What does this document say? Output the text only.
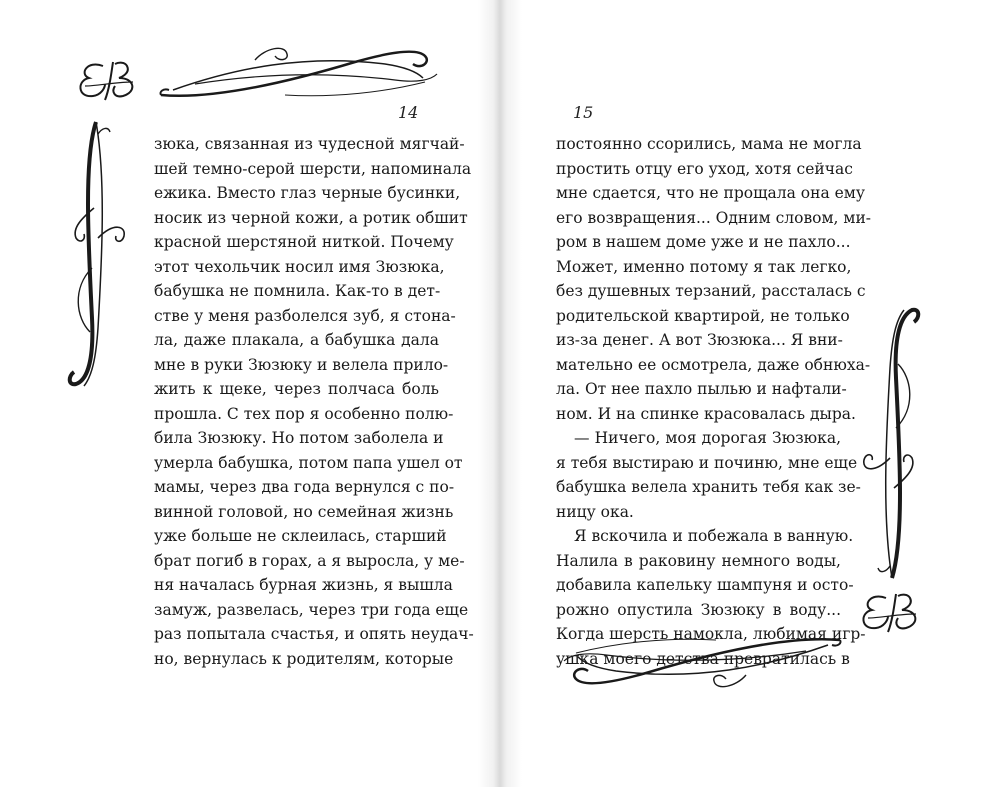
14	15
зюка, связанная из чудесной мягчай-
шей темно-серой шерсти, напоминала
ежика. Вместо глаз черные бусинки,
носик из черной кожи, а ротик обшит
красной шерстяной ниткой. Почему
этот чехольчик носил имя Зюзюка,
бабушка не помнила. Как-то в дет-
стве у меня разболелся зуб, я стона-
ла, даже плакала, а бабушка дала
мне в руки Зюзюку и велела прило-
жить к щеке, через полчаса боль
прошла. С тех пор я особенно полю-
била Зюзюку. Но потом заболела и
умерла бабушка, потом папа ушел от
мамы, через два года вернулся с по-
винной головой, но семейная жизнь
уже больше не склеилась, старший
брат погиб в горах, а я выросла, у ме-
ня началась бурная жизнь, я вышла
замуж, развелась, через три года еще
раз попытала счастья, и опять неудач-
но, вернулась к родителям, которые
постоянно ссорились, мама не могла
простить отцу его уход, хотя сейчас
мне сдается, что не прощала она ему
его возвращения... Одним словом, ми-
ром в нашем доме уже и не пахло...
Может, именно потому я так легко,
без душевных терзаний, рассталась с
родительской квартирой, не только
из-за денег. А вот Зюзюка... Я вни-
мательно ее осмотрела, даже обнюха-
ла. От нее пахло пылью и нафтали-
ном. И на спинке красовалась дыра.
— Ничего, моя дорогая Зюзюка,
я тебя выстираю и починю, мне еще
бабушка велела хранить тебя как зе-
ницу ока.
Я вскочила и побежала в ванную.
Налила в раковину немного воды,
добавила капельку шампуня и осто-
рожно опустила Зюзюку в воду...
Когда шерсть намокла, любимая игр-
ушка моего детства превратилась в
